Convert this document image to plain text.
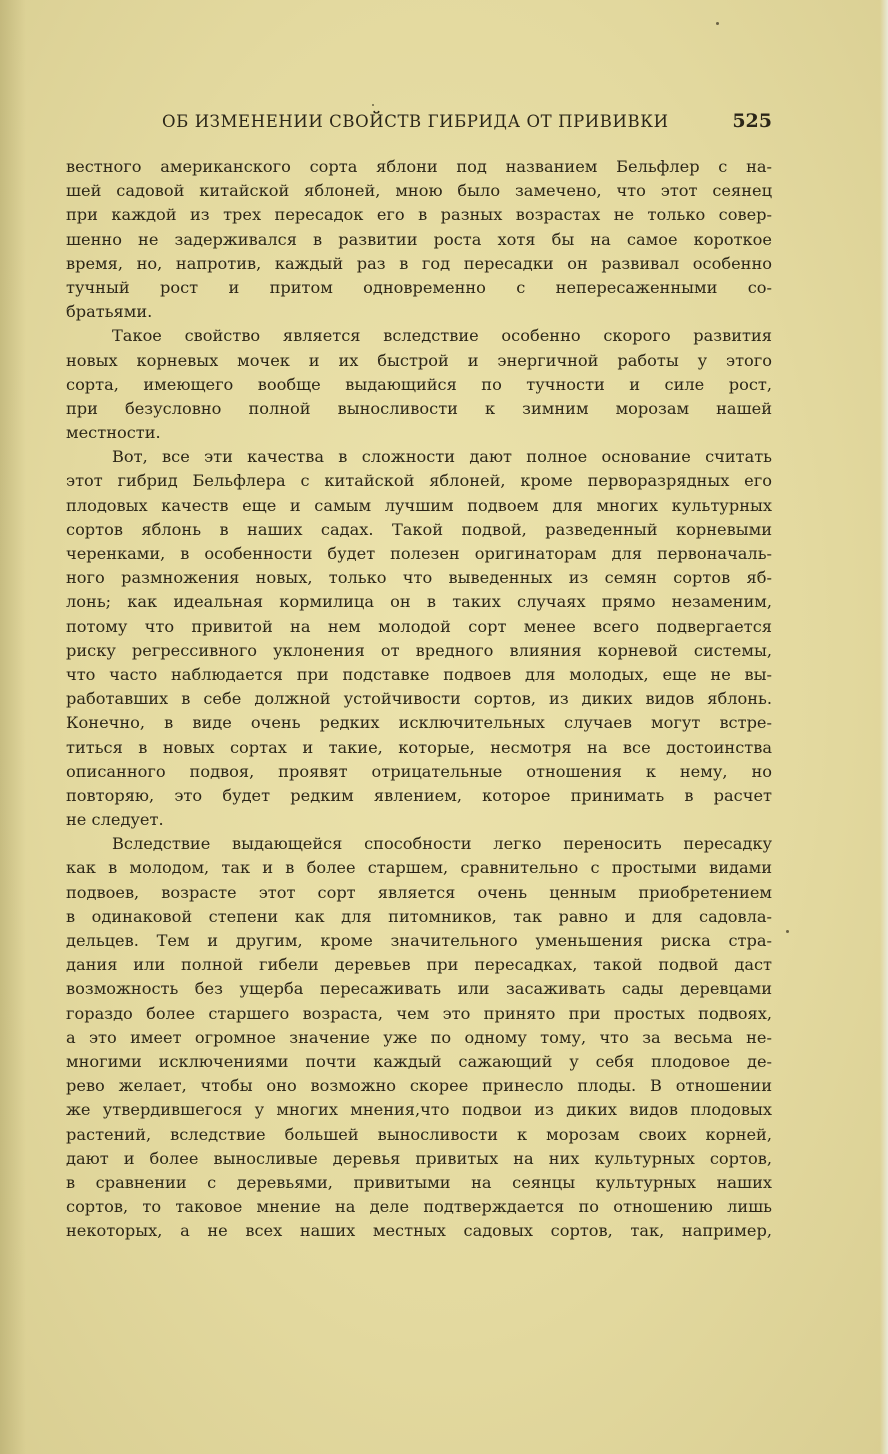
ОБ ИЗМЕНЕНИИ СВОЙСТВ ГИБРИДА ОТ ПРИВИВКИ	525
вестного американского сорта яблони под названием Бельфлер с на-
шей садовой китайской яблоней, мною было замечено, что этот сеянец
при каждой из трех пересадок его в разных возрастах не только совер-
шенно не задерживался в развитии роста хотя бы на самое короткое
время, но, напротив, каждый раз в год пересадки он развивал особенно
тучный рост и притом одновременно с непересаженными со-
братьями.
Такое свойство является вследствие особенно скорого развития
новых корневых мочек и их быстрой и энергичной работы у этого
сорта, имеющего вообще выдающийся по тучности и силе рост,
при безусловно полной выносливости к зимним морозам нашей
местности.
Вот, все эти качества в сложности дают полное основание считать
этот гибрид Бельфлера с китайской яблоней, кроме перворазрядных его
плодовых качеств еще и самым лучшим подвоем для многих культурных
сортов яблонь в наших садах. Такой подвой, разведенный корневыми
черенками, в особенности будет полезен оригинаторам для первоначаль-
ного размножения новых, только что выведенных из семян сортов яб-
лонь; как идеальная кормилица он в таких случаях прямо незаменим,
потому что привитой на нем молодой сорт менее всего подвергается
риску регрессивного уклонения от вредного влияния корневой системы,
что часто наблюдается при подставке подвоев для молодых, еще не вы-
работавших в себе должной устойчивости сортов, из диких видов яблонь.
Конечно, в виде очень редких исключительных случаев могут встре-
титься в новых сортах и такие, которые, несмотря на все достоинства
описанного подвоя, проявят отрицательные отношения к нему, но
повторяю, это будет редким явлением, которое принимать в расчет
не следует.
Вследствие выдающейся способности легко переносить пересадку
как в молодом, так и в более старшем, сравнительно с простыми видами
подвоев, возрасте этот сорт является очень ценным приобретением
в одинаковой степени как для питомников, так равно и для садовла-
дельцев. Тем и другим, кроме значительного уменьшения риска стра-
дания или полной гибели деревьев при пересадках, такой подвой даст
возможность без ущерба пересаживать или засаживать сады деревцами
гораздо более старшего возраста, чем это принято при простых подвоях,
а это имеет огромное значение уже по одному тому, что за весьма не-
многими исключениями почти каждый сажающий у себя плодовое де-
рево желает, чтобы оно возможно скорее принесло плоды. В отношении
же утвердившегося у многих мнения,что подвои из диких видов плодовых
растений, вследствие большей выносливости к морозам своих корней,
дают и более выносливые деревья привитых на них культурных сортов,
в сравнении с деревьями, привитыми на сеянцы культурных наших
сортов, то таковое мнение на деле подтверждается по отношению лишь
некоторых, а не всех наших местных садовых сортов, так, например,
